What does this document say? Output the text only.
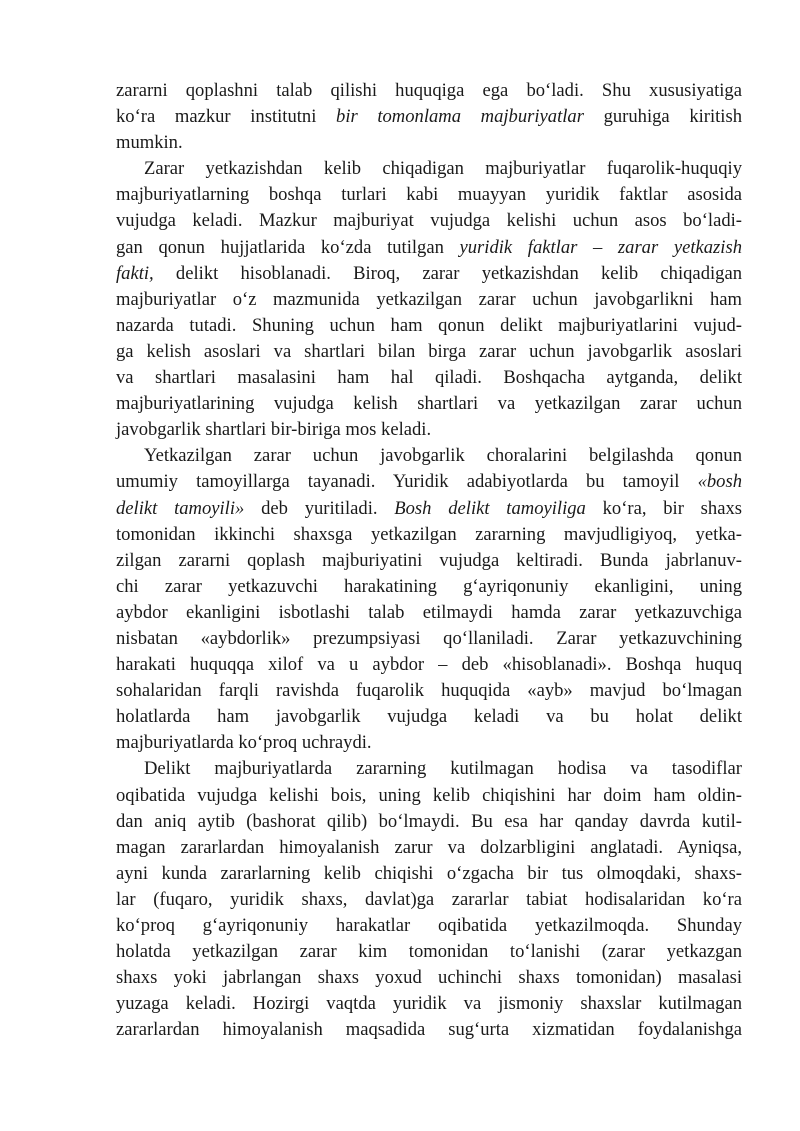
zararni qoplashni talab qilishi huquqiga ega bo‘ladi. Shu xususiyatiga
ko‘ra mazkur institutni bir tomonlama majburiyatlar guruhiga kiritish
mumkin.
Zarar yetkazishdan kelib chiqadigan majburiyatlar fuqarolik-huquqiy
majburiyatlarning boshqa turlari kabi muayyan yuridik faktlar asosida
vujudga keladi. Mazkur majburiyat vujudga kelishi uchun asos bo‘ladi-
gan qonun hujjatlarida ko‘zda tutilgan yuridik faktlar – zarar yetkazish
fakti, delikt hisoblanadi. Biroq, zarar yetkazishdan kelib chiqadigan
majburiyatlar o‘z mazmunida yetkazilgan zarar uchun javobgarlikni ham
nazarda tutadi. Shuning uchun ham qonun delikt majburiyatlarini vujud-
ga kelish asoslari va shartlari bilan birga zarar uchun javobgarlik asoslari
va shartlari masalasini ham hal qiladi. Boshqacha aytganda, delikt
majburiyatlarining vujudga kelish shartlari va yetkazilgan zarar uchun
javobgarlik shartlari bir-biriga mos keladi.
Yetkazilgan zarar uchun javobgarlik choralarini belgilashda qonun
umumiy tamoyillarga tayanadi. Yuridik adabiyotlarda bu tamoyil «bosh
delikt tamoyili» deb yuritiladi. Bosh delikt tamoyiliga ko‘ra, bir shaxs
tomonidan ikkinchi shaxsga yetkazilgan zararning mavjudligiyoq, yetka-
zilgan zararni qoplash majburiyatini vujudga keltiradi. Bunda jabrlanuv-
chi zarar yetkazuvchi harakatining g‘ayriqonuniy ekanligini, uning
aybdor ekanligini isbotlashi talab etilmaydi hamda zarar yetkazuvchiga
nisbatan «aybdorlik» prezumpsiyasi qo‘llaniladi. Zarar yetkazuvchining
harakati huquqqa xilof va u aybdor – deb «hisoblanadi». Boshqa huquq
sohalaridan farqli ravishda fuqarolik huquqida «ayb» mavjud bo‘lmagan
holatlarda ham javobgarlik vujudga keladi va bu holat delikt
majburiyatlarda ko‘proq uchraydi.
Delikt majburiyatlarda zararning kutilmagan hodisa va tasodiflar
oqibatida vujudga kelishi bois, uning kelib chiqishini har doim ham oldin-
dan aniq aytib (bashorat qilib) bo‘lmaydi. Bu esa har qanday davrda kutil-
magan zararlardan himoyalanish zarur va dolzarbligini anglatadi. Ayniqsa,
ayni kunda zararlarning kelib chiqishi o‘zgacha bir tus olmoqdaki, shaxs-
lar (fuqaro, yuridik shaxs, davlat)ga zararlar tabiat hodisalaridan ko‘ra
ko‘proq g‘ayriqonuniy harakatlar oqibatida yetkazilmoqda. Shunday
holatda yetkazilgan zarar kim tomonidan to‘lanishi (zarar yetkazgan
shaxs yoki jabrlangan shaxs yoxud uchinchi shaxs tomonidan) masalasi
yuzaga keladi. Hozirgi vaqtda yuridik va jismoniy shaxslar kutilmagan
zararlardan himoyalanish maqsadida sug‘urta xizmatidan foydalanishga
